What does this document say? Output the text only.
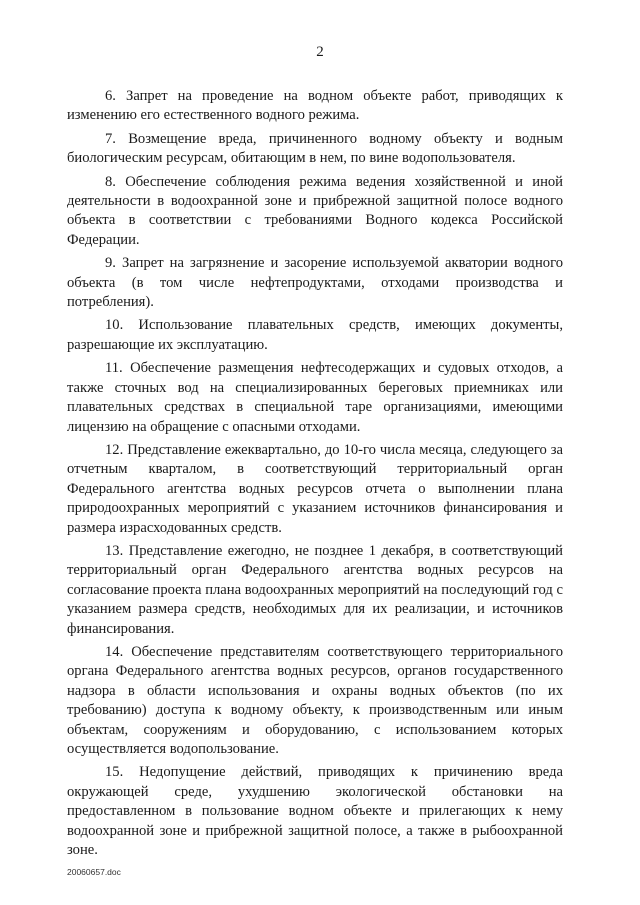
2

6. Запрет на проведение на водном объекте работ, приводящих к изменению его естественного водного режима.

7. Возмещение вреда, причиненного водному объекту и водным биологическим ресурсам, обитающим в нем, по вине водопользователя.

8. Обеспечение соблюдения режима ведения хозяйственной и иной деятельности в водоохранной зоне и прибрежной защитной полосе водного объекта в соответствии с требованиями Водного кодекса Российской Федерации.

9. Запрет на загрязнение и засорение используемой акватории водного объекта (в том числе нефтепродуктами, отходами производства и потребления).

10. Использование плавательных средств, имеющих документы, разрешающие их эксплуатацию.

11. Обеспечение размещения нефтесодержащих и судовых отходов, а также сточных вод на специализированных береговых приемниках или плавательных средствах в специальной таре организациями, имеющими лицензию на обращение с опасными отходами.

12. Представление ежеквартально, до 10-го числа месяца, следующего за отчетным кварталом, в соответствующий территориальный орган Федерального агентства водных ресурсов отчета о выполнении плана природоохранных мероприятий с указанием источников финансирования и размера израсходованных средств.

13. Представление ежегодно, не позднее 1 декабря, в соответствующий территориальный орган Федерального агентства водных ресурсов на согласование проекта плана водоохранных мероприятий на последующий год с указанием размера средств, необходимых для их реализации, и источников финансирования.

14. Обеспечение представителям соответствующего территориального органа Федерального агентства водных ресурсов, органов государственного надзора в области использования и охраны водных объектов (по их требованию) доступа к водному объекту, к производственным или иным объектам, сооружениям и оборудованию, с использованием которых осуществляется водопользование.

15. Недопущение действий, приводящих к причинению вреда окружающей среде, ухудшению экологической обстановки на предоставленном в пользование водном объекте и прилегающих к нему водоохранной зоне и прибрежной защитной полосе, а также в рыбоохранной зоне.

20060657.doc
